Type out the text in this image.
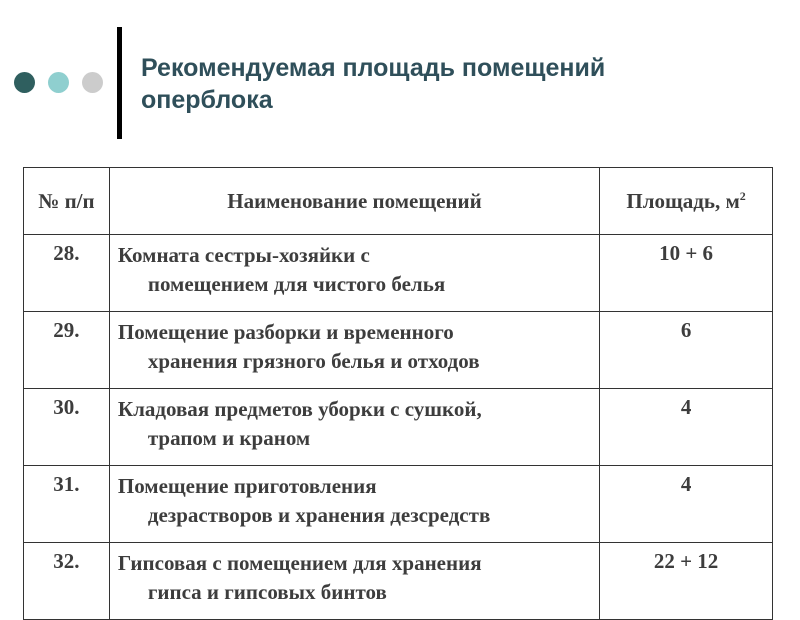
Рекомендуемая площадь помещений
оперблока
№ п/п	Наименование помещений	Площадь, $м^2$
28.	Комната сестры-хозяйки с
помещением для чистого белья	10 + 6
29.	Помещение разборки и временного
хранения грязного белья и отходов	6
30.	Кладовая предметов уборки с сушкой,
трапом и краном	4
31.	Помещение приготовления
дезрастворов и хранения дезсредств	4
32.	Гипсовая с помещением для хранения
гипса и гипсовых бинтов	22 + 12
